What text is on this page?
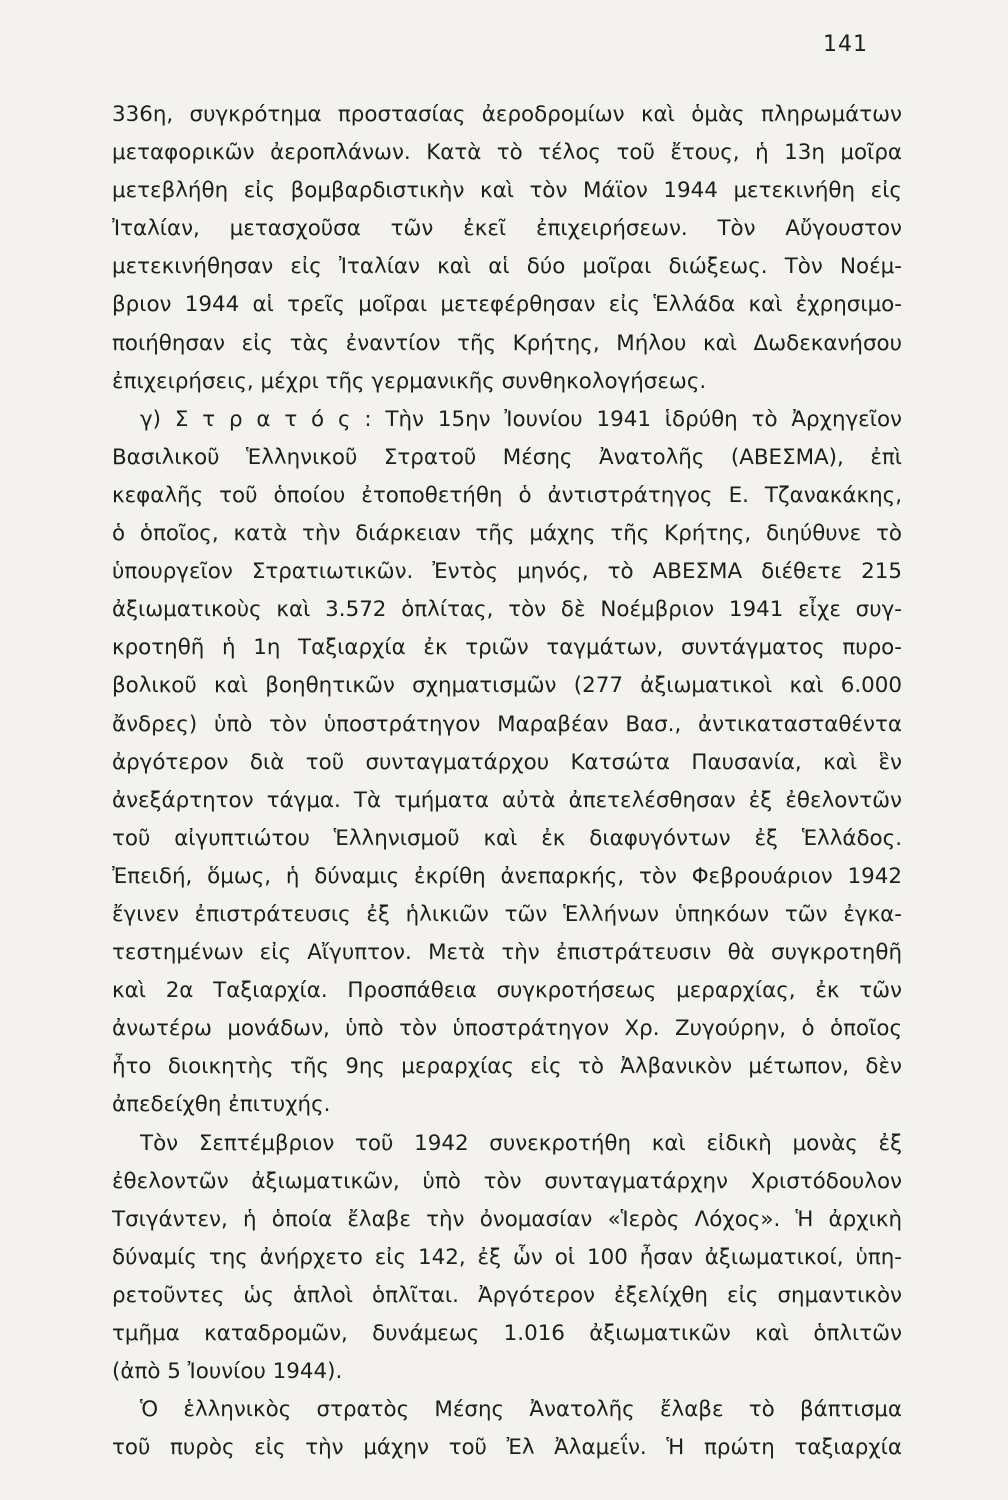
141
336η, συγκρότημα προστασίας ἀεροδρομίων καὶ ὁμὰς πληρωμάτων
μεταφορικῶν ἀεροπλάνων. Κατὰ τὸ τέλος τοῦ ἔτους, ἡ 13η μοῖρα
μετεβλήθη εἰς βομβαρδιστικὴν καὶ τὸν Μάϊον 1944 μετεκινήθη εἰς
Ἰταλίαν, μετασχοῦσα τῶν ἐκεῖ ἐπιχειρήσεων. Τὸν Αὔγουστον
μετεκινήθησαν εἰς Ἰταλίαν καὶ αἱ δύο μοῖραι διώξεως. Τὸν Νοέμ-
βριον 1944 αἱ τρεῖς μοῖραι μετεφέρθησαν εἰς Ἑλλάδα καὶ ἐχρησιμο-
ποιήθησαν εἰς τὰς ἐναντίον τῆς Κρήτης, Μήλου καὶ Δωδεκανήσου
ἐπιχειρήσεις, μέχρι τῆς γερμανικῆς συνθηκολογήσεως.
γ) Σ τ ρ α τ ό ς : Τὴν 15ην Ἰουνίου 1941 ἱδρύθη τὸ Ἀρχηγεῖον
Βασιλικοῦ Ἑλληνικοῦ Στρατοῦ Μέσης Ἀνατολῆς (ΑΒΕΣΜΑ), ἐπὶ
κεφαλῆς τοῦ ὁποίου ἐτοποθετήθη ὁ ἀντιστράτηγος Ε. Τζανακάκης,
ὁ ὁποῖος, κατὰ τὴν διάρκειαν τῆς μάχης τῆς Κρήτης, διηύθυνε τὸ
ὑπουργεῖον Στρατιωτικῶν. Ἐντὸς μηνός, τὸ ΑΒΕΣΜΑ διέθετε 215
ἀξιωματικοὺς καὶ 3.572 ὁπλίτας, τὸν δὲ Νοέμβριον 1941 εἶχε συγ-
κροτηθῆ ἡ 1η Ταξιαρχία ἐκ τριῶν ταγμάτων, συντάγματος πυρο-
βολικοῦ καὶ βοηθητικῶν σχηματισμῶν (277 ἀξιωματικοὶ καὶ 6.000
ἄνδρες) ὑπὸ τὸν ὑποστράτηγον Μαραβέαν Βασ., ἀντικατασταθέντα
ἀργότερον διὰ τοῦ συνταγματάρχου Κατσώτα Παυσανία, καὶ ἓν
ἀνεξάρτητον τάγμα. Τὰ τμήματα αὐτὰ ἀπετελέσθησαν ἐξ ἐθελοντῶν
τοῦ αἰγυπτιώτου Ἑλληνισμοῦ καὶ ἐκ διαφυγόντων ἐξ Ἑλλάδος.
Ἐπειδή, ὅμως, ἡ δύναμις ἐκρίθη ἀνεπαρκής, τὸν Φεβρουάριον 1942
ἔγινεν ἐπιστράτευσις ἐξ ἡλικιῶν τῶν Ἑλλήνων ὑπηκόων τῶν ἐγκα-
τεστημένων εἰς Αἴγυπτον. Μετὰ τὴν ἐπιστράτευσιν θὰ συγκροτηθῆ
καὶ 2α Ταξιαρχία. Προσπάθεια συγκροτήσεως μεραρχίας, ἐκ τῶν
ἀνωτέρω μονάδων, ὑπὸ τὸν ὑποστράτηγον Χρ. Ζυγούρην, ὁ ὁποῖος
ἦτο διοικητὴς τῆς 9ης μεραρχίας εἰς τὸ Ἀλβανικὸν μέτωπον, δὲν
ἀπεδείχθη ἐπιτυχής.
Τὸν Σεπτέμβριον τοῦ 1942 συνεκροτήθη καὶ εἰδικὴ μονὰς ἐξ
ἐθελοντῶν ἀξιωματικῶν, ὑπὸ τὸν συνταγματάρχην Χριστόδουλον
Τσιγάντεν, ἡ ὁποία ἔλαβε τὴν ὀνομασίαν «Ἱερὸς Λόχος». Ἡ ἀρχικὴ
δύναμίς της ἀνήρχετο εἰς 142, ἐξ ὧν οἱ 100 ἦσαν ἀξιωματικοί, ὑπη-
ρετοῦντες ὡς ἁπλοὶ ὁπλῖται. Ἀργότερον ἐξελίχθη εἰς σημαντικὸν
τμῆμα καταδρομῶν, δυνάμεως 1.016 ἀξιωματικῶν καὶ ὁπλιτῶν
(ἀπὸ 5 Ἰουνίου 1944).
Ὁ ἑλληνικὸς στρατὸς Μέσης Ἀνατολῆς ἔλαβε τὸ βάπτισμα
τοῦ πυρὸς εἰς τὴν μάχην τοῦ Ἐλ Ἀλαμεΐν. Ἡ πρώτη ταξιαρχία
